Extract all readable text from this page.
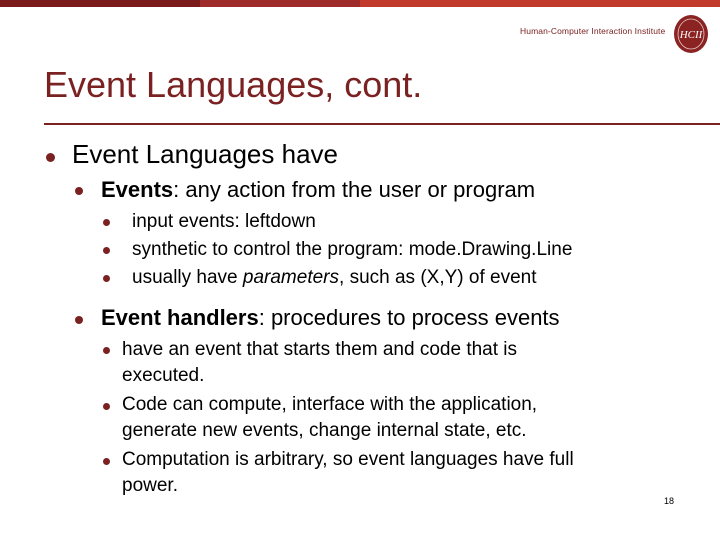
Human-Computer Interaction Institute HCII
Event Languages, cont.
Event Languages have
Events: any action from the user or program
input events: leftdown
synthetic to control the program: mode.Drawing.Line
usually have parameters, such as (X,Y) of event
Event handlers: procedures to process events
have an event that starts them and code that is
executed.
Code can compute, interface with the application,
generate new events, change internal state, etc.
Computation is arbitrary, so event languages have full
power.
18
